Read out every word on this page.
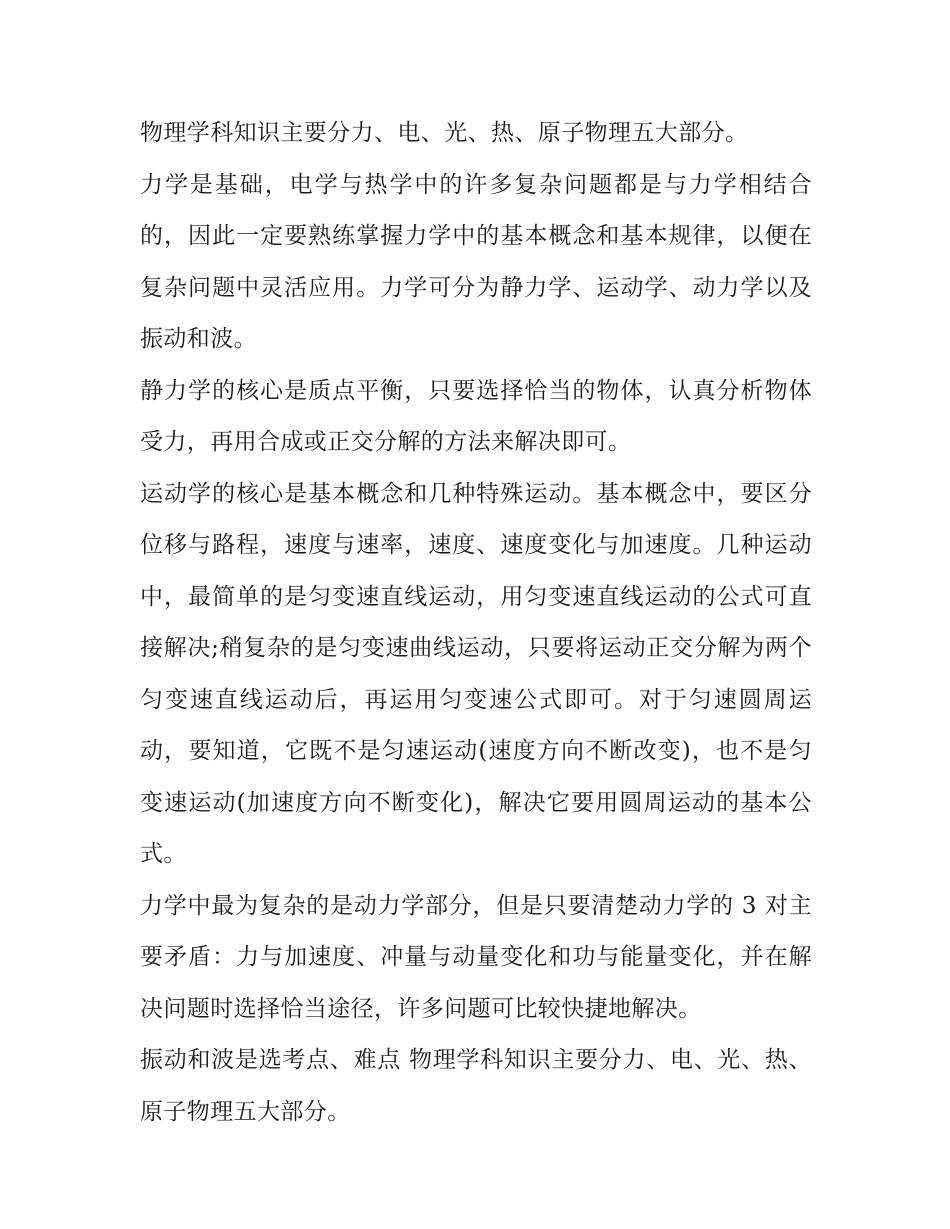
物理学科知识主要分力、电、光、热、原子物理五大部分。

力学是基础，电学与热学中的许多复杂问题都是与力学相结合的，因此一定要熟练掌握力学中的基本概念和基本规律，以便在复杂问题中灵活应用。力学可分为静力学、运动学、动力学以及振动和波。

静力学的核心是质点平衡，只要选择恰当的物体，认真分析物体受力，再用合成或正交分解的方法来解决即可。

运动学的核心是基本概念和几种特殊运动。基本概念中，要区分位移与路程，速度与速率，速度、速度变化与加速度。几种运动中，最简单的是匀变速直线运动，用匀变速直线运动的公式可直接解决;稍复杂的是匀变速曲线运动，只要将运动正交分解为两个匀变速直线运动后，再运用匀变速公式即可。对于匀速圆周运动，要知道，它既不是匀速运动(速度方向不断改变)，也不是匀变速运动(加速度方向不断变化)，解决它要用圆周运动的基本公式。

力学中最为复杂的是动力学部分，但是只要清楚动力学的 3 对主要矛盾：力与加速度、冲量与动量变化和功与能量变化，并在解决问题时选择恰当途径，许多问题可比较快捷地解决。

振动和波是选考点、难点 物理学科知识主要分力、电、光、热、原子物理五大部分。
